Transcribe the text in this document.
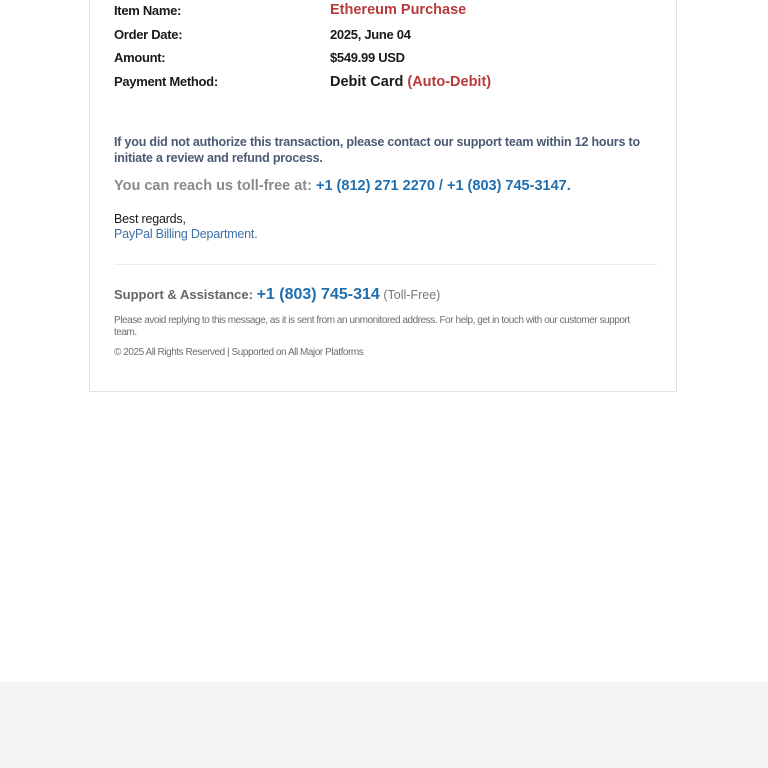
Item Name:	Ethereum Purchase
Order Date:	2025, June 04
Amount:	$549.99 USD
Payment Method:	Debit Card (Auto-Debit)
If you did not authorize this transaction, please contact our support team within 12 hours to initiate a review and refund process.
You can reach us toll-free at: +1 (812) 271 2270 / +1 (803) 745-3147.
Best regards,
PayPal Billing Department.
Support & Assistance: +1 (803) 745-314 (Toll-Free)
Please avoid replying to this message, as it is sent from an unmonitored address. For help, get in touch with our customer support team.
© 2025 All Rights Reserved | Supported on All Major Platforms
